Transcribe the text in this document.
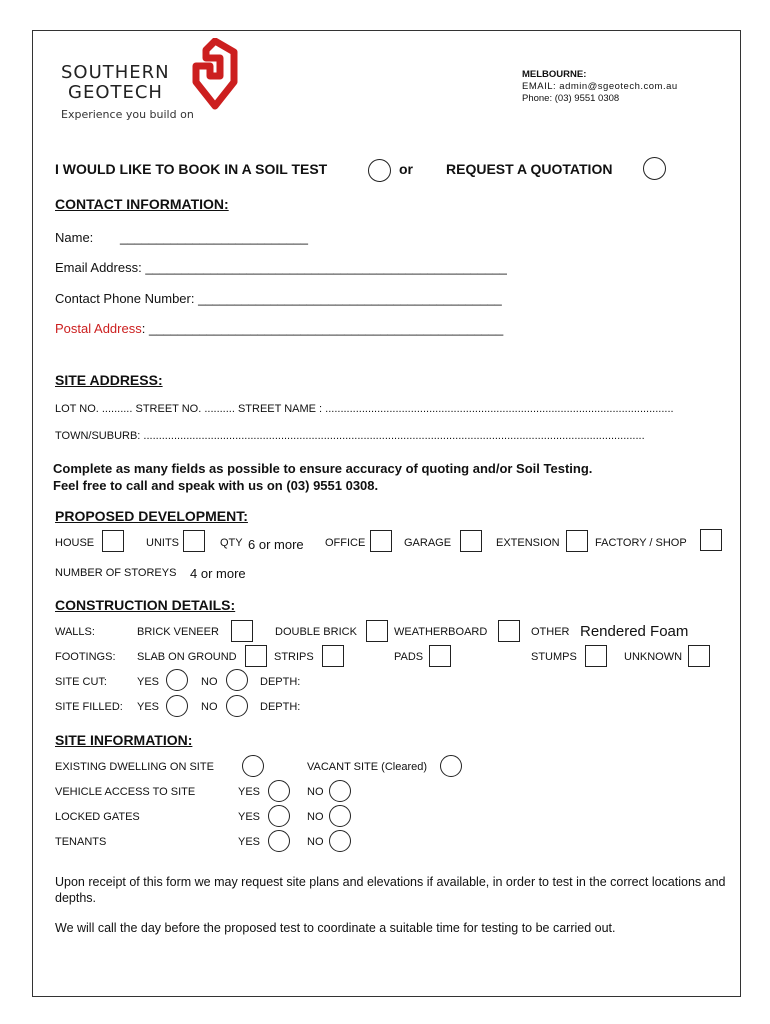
SOUTHERN
GEOTECH
Experience you build on
MELBOURNE:
EMAIL: admin@sgeotech.com.au
Phone: (03) 9551 0308
I WOULD LIKE TO BOOK IN A SOIL TEST	or REQUEST A QUOTATION
CONTACT INFORMATION:
Name: __________________________
Email Address: __________________________________________________
Contact Phone Number: __________________________________________
Postal Address: _________________________________________________
SITE ADDRESS:
LOT NO. .......... STREET NO. .......... STREET NAME : ..................................................................................................................
TOWN/SUBURB: ....................................................................................................................................................................
Complete as many fields as possible to ensure accuracy of quoting and/or Soil Testing.
Feel free to call and speak with us on (03) 9551 0308.
PROPOSED DEVELOPMENT:
HOUSE	UNITS	QTY 6 or more OFFICE	GARAGE	EXTENSION	FACTORY / SHOP
NUMBER OF STOREYS 4 or more
CONSTRUCTION DETAILS:
WALLS:	BRICK VENEER	DOUBLE BRICK	WEATHERBOARD	OTHER Rendered Foam
FOOTINGS: SLAB ON GROUND	STRIPS	PADS	STUMPS	UNKNOWN
SITE CUT:	YES	NO	DEPTH:
SITE FILLED: YES	NO	DEPTH:
SITE INFORMATION:
EXISTING DWELLING ON SITE	VACANT SITE (Cleared)
VEHICLE ACCESS TO SITE	YES	NO
LOCKED GATES	YES	NO
TENANTS	YES	NO
Upon receipt of this form we may request site plans and elevations if available, in order to test in the correct locations and depths.
We will call the day before the proposed test to coordinate a suitable time for testing to be carried out.
